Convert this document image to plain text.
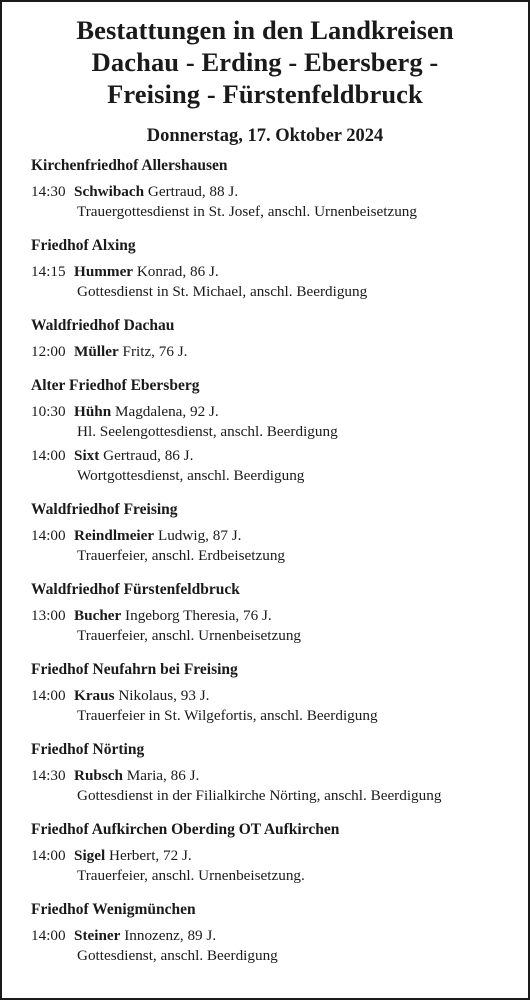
Bestattungen in den Landkreisen
Dachau - Erding - Ebersberg -
Freising - Fürstenfeldbruck
Donnerstag, 17. Oktober 2024
Kirchenfriedhof Allershausen
14:30 Schwibach Gertraud, 88 J.
Trauergottesdienst in St. Josef, anschl. Urnenbeisetzung
Friedhof Alxing
14:15 Hummer Konrad, 86 J.
Gottesdienst in St. Michael, anschl. Beerdigung
Waldfriedhof Dachau
12:00 Müller Fritz, 76 J.
Alter Friedhof Ebersberg
10:30 Hühn Magdalena, 92 J.
Hl. Seelengottesdienst, anschl. Beerdigung
14:00 Sixt Gertraud, 86 J.
Wortgottesdienst, anschl. Beerdigung
Waldfriedhof Freising
14:00 Reindlmeier Ludwig, 87 J.
Trauerfeier, anschl. Erdbeisetzung
Waldfriedhof Fürstenfeldbruck
13:00 Bucher Ingeborg Theresia, 76 J.
Trauerfeier, anschl. Urnenbeisetzung
Friedhof Neufahrn bei Freising
14:00 Kraus Nikolaus, 93 J.
Trauerfeier in St. Wilgefortis, anschl. Beerdigung
Friedhof Nörting
14:30 Rubsch Maria, 86 J.
Gottesdienst in der Filialkirche Nörting, anschl. Beerdigung
Friedhof Aufkirchen Oberding OT Aufkirchen
14:00 Sigel Herbert, 72 J.
Trauerfeier, anschl. Urnenbeisetzung.
Friedhof Wenigmünchen
14:00 Steiner Innozenz, 89 J.
Gottesdienst, anschl. Beerdigung
